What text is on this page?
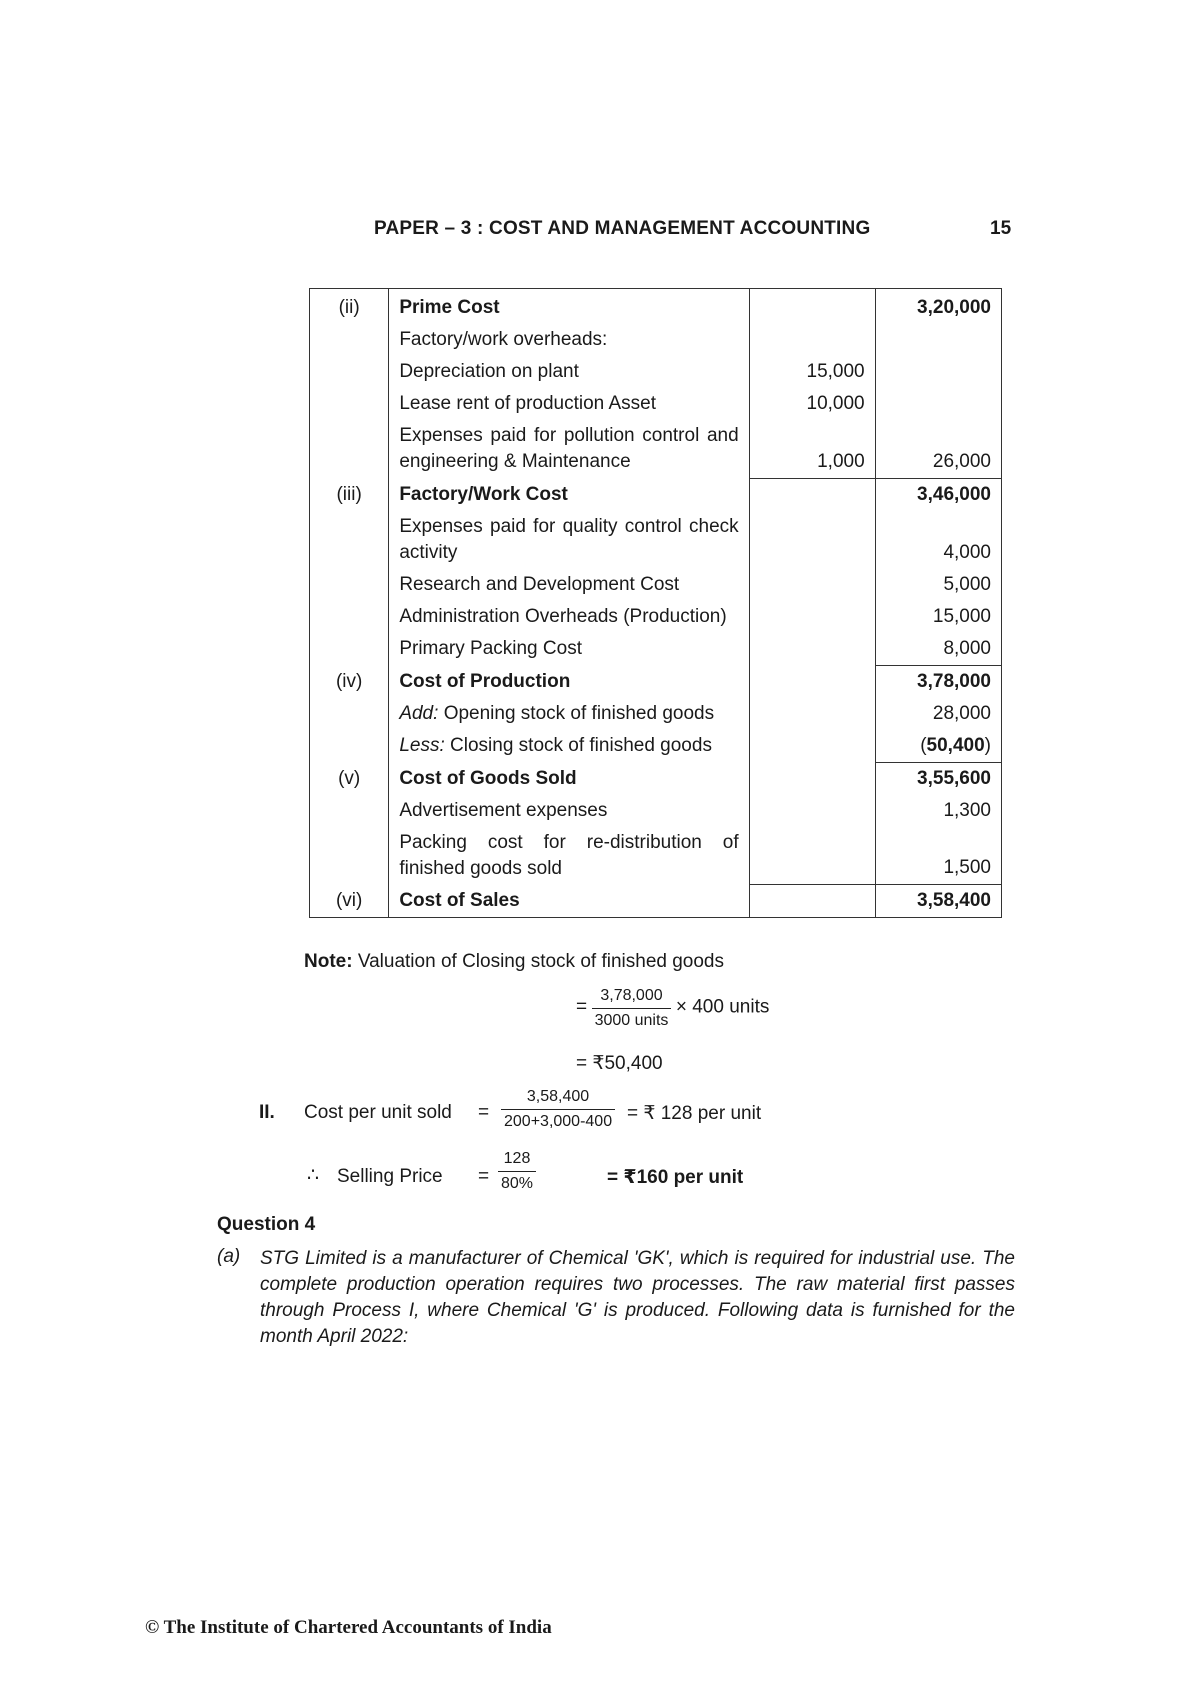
PAPER – 3 : COST AND MANAGEMENT ACCOUNTING	15
(ii)	Prime Cost		3,20,000
	Factory/work overheads:		
	Depreciation on plant	15,000	
	Lease rent of production Asset	10,000	

	Expenses paid for pollution control and
engineering & Maintenance	1,000	26,000
(iii)	Factory/Work Cost		3,46,000

	Expenses paid for quality control check
activity		4,000
	Research and Development Cost		5,000
	Administration Overheads (Production)		15,000
	Primary Packing Cost		8,000
(iv)	Cost of Production		3,78,000
	Add: Opening stock of finished goods		28,000
	Less: Closing stock of finished goods		(50,400)
(v)	Cost of Goods Sold		3,55,600
	Advertisement expenses		1,300

	Packing cost for re-distribution of
finished goods sold		1,500
(vi)	Cost of Sales		3,58,400
Note: Valuation of Closing stock of finished goods
= $\frac{3,78,000}{\text{3000 units}} \times 400$ units
= ₹50,400
II. Cost per unit sold = $\frac{3,58,400}{200+3,000-400}$ = ₹ 128 per unit
∴ Selling Price = $\frac{128}{80\%}$	= ₹160 per unit
Question 4
(a) STG Limited is a manufacturer of Chemical 'GK', which is required for industrial use. The complete production operation requires two processes. The raw material first passes through Process I, where Chemical 'G' is produced. Following data is furnished for the month April 2022:
© The Institute of Chartered Accountants of India
